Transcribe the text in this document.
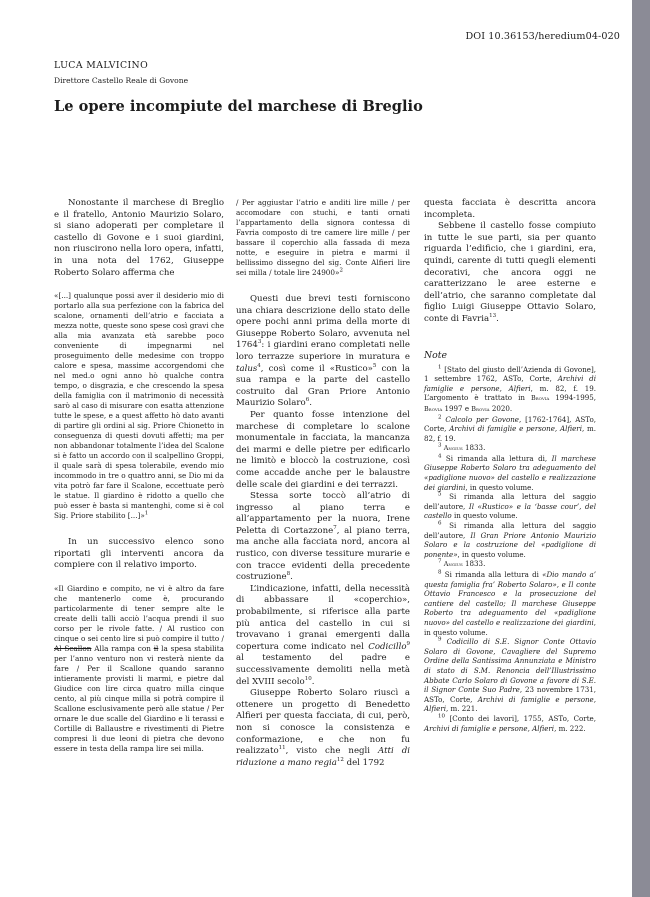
DOI 10.36153/heredium04-020
LUCA MALVICINO
Direttore Castello Reale di Govone
Le opere incompiute del marchese di Breglio

Nonostante il marchese di Breglio e il fratello, Antonio Maurizio Solaro, si siano adoperati per completare il castello di Govone e i suoi giardini, non riuscirono nella loro opera, infatti, in una nota del 1762, Giuseppe Roberto Solaro afferma che

«[...] qualunque possi aver il desiderio mio di portarlo alla sua perfezione con la fabrica del scalone, ornamenti dell’atrio e facciata a mezza notte, queste sono spese così gravi che alla mia avanzata età sarebbe poco conveniente di impegnarmi nel proseguimento delle medesime con troppo calore e spesa, massime accorgendomi che nel med.o ogni anno hò qualche contra tempo, o disgrazia, e che crescendo la spesa della famiglia con il matrimonio di necessità sarò al caso di misurare con esatta attenzione tutte le spese, e a quest affetto hò dato avanti di partire gli ordini al sig. Priore Chionetto in conseguenza di questi dovuti affetti; ma per non abbandonar totalmente l’idea del Scalone si è fatto un accordo con il scalpellino Groppi, il quale sarà di spesa tolerabile, evendo mio incommodo in tre o quattro anni, se Dio mi da vita potrò far fare il Scalone, eccettuate però le statue. Il giardino è ridotto a quello che può esser è basta si mantenghi, come si è col Sig. Priore stabilito [...]»$^1$

In un successivo elenco sono riportati gli interventi ancora da compiere con il relativo importo.

«Il Giardino e compito, ne vi è altro da fare che mantenerlo come è, procurando particolarmente di tener sempre alte le create delli talli acciò l’acqua prendi il suo corso per le rivole fatte. / Al rustico con cinque o sei cento lire si può compire il tutto / Al Scallon Alla rampa con il la spesa stabilita per l’anno venturo non vi resterà niente da fare / Per il Scallone quando saranno intieramente provisti li marmi, e pietre dal Giudice con lire circa quatro milla cinque cento, al più cinque milla si potrà compire il Scallone esclusivamente però alle statue / Per ornare le due scalle del Giardino e li terassi e Cortille di Ballaustre e rivestimenti di Pietre compresi li due leoni di pietra che devono essere in testa della rampa lire sei milla.

/ Per aggiustar l’atrio e anditi lire mille / per accomodare con stuchi, e tanti ornati l’appartamento della signora contessa di Favria composto di tre camere lire mille / per bassare il coperchio alla fassada di meza notte, e eseguire in pietra e marmi il bellissimo dissegno del sig. Conte Alfieri lire sei milla / totale lire 24900»$^2$

Questi due brevi testi forniscono una chiara descrizione dello stato delle opere pochi anni prima della morte di Giuseppe Roberto Solaro, avvenuta nel 1764$^3$: i giardini erano completati nelle loro terrazze superiore in muratura e talus$^4$, così come il «Rustico»$^5$ con la sua rampa e la parte del castello costruito dal Gran Priore Antonio Maurizio Solaro$^6$.

Per quanto fosse intenzione del marchese di completare lo scalone monumentale in facciata, la mancanza dei marmi e delle pietre per edificarlo ne limitò e bloccò la costruzione, così come accadde anche per le balaustre delle scale dei giardini e dei terrazzi.

Stessa sorte toccò all’atrio di ingresso al piano terra e all’appartamento per la nuora, Irene Peletta di Cortazzone$^7$, al piano terra, ma anche alla facciata nord, ancora al rustico, con diverse tessiture murarie e con tracce evidenti della precedente costruzione$^8$.

L’indicazione, infatti, della necessità di abbassare il «coperchio», probabilmente, si riferisce alla parte più antica del castello in cui si trovavano i granai emergenti dalla copertura come indicato nel Codicillo$^9$ al testamento del padre e successivamente demoliti nella metà del XVIII secolo$^{10}$.

Giuseppe Roberto Solaro riuscì a ottenere un progetto di Benedetto Alfieri per questa facciata, di cui, però, non si conosce la consistenza e conformazione, e che non fu realizzato$^{11}$, visto che negli Atti di riduzione a mano regia$^{12}$ del 1792

questa facciata è descritta ancora incompleta.

Sebbene il castello fosse compiuto in tutte le sue parti, sia per quanto riguarda l’edificio, che i giardini, era, quindi, carente di tutti quegli elementi decorativi, che ancora oggi ne caratterizzano le aree esterne e dell’atrio, che saranno completate dal figlio Luigi Giuseppe Ottavio Solaro, conte di Favria$^{13}$.

Note

$^1$ [Stato del giusto dell’Azienda di Govone], 1 settembre 1762, ASTo, Corte, Archivi di famiglie e persone, Alfieri, m. 82, f. 19. L’argomento è trattato in Brovia 1994-1995, Brovia 1997 e Brovia 2020.

$^2$ Calcolo per Govone, [1762-1764], ASTo, Corte, Archivi di famiglie e persone, Alfieri, m. 82, f. 19.

$^3$ Angius 1833.

$^4$ Si rimanda alla lettura di, Il marchese Giuseppe Roberto Solaro tra adeguamento del «padiglione nuovo» del castello e realizzazione dei giardini, in questo volume.

$^5$ Si rimanda alla lettura del saggio dell’autore, Il «Rustico» e la ‘basse cour’, del castello in questo volume.

$^6$ Si rimanda alla lettura del saggio dell’autore, Il Gran Priore Antonio Maurizio Solaro e la costruzione del «padiglione di ponente», in questo volume.

$^7$ Angius 1833.

$^8$ Si rimanda alla lettura di «Dio mando a’ questa famiglia fra’ Roberto Solaro», e Il conte Ottavio Francesco e la prosecuzione del cantiere del castello; Il marchese Giuseppe Roberto tra adeguamento del «padiglione nuovo» del castello e realizzazione dei giardini, in questo volume.

$^9$ Codicillo di S.E. Signor Conte Ottavio Solaro di Govone, Cavagliere del Supremo Ordine della Santissima Annunziata e Ministro di stato di S.M. Renoncia dell’Illustrissimo Abbate Carlo Solaro di Govone a favore di S.E. il Signor Conte Suo Padre, 23 novembre 1731, ASTo, Corte, Archivi di famiglie e persone, Alfieri, m. 221.

$^{10}$ [Conto dei lavori], 1755, ASTo, Corte, Archivi di famiglie e persone, Alfieri, m. 222.
